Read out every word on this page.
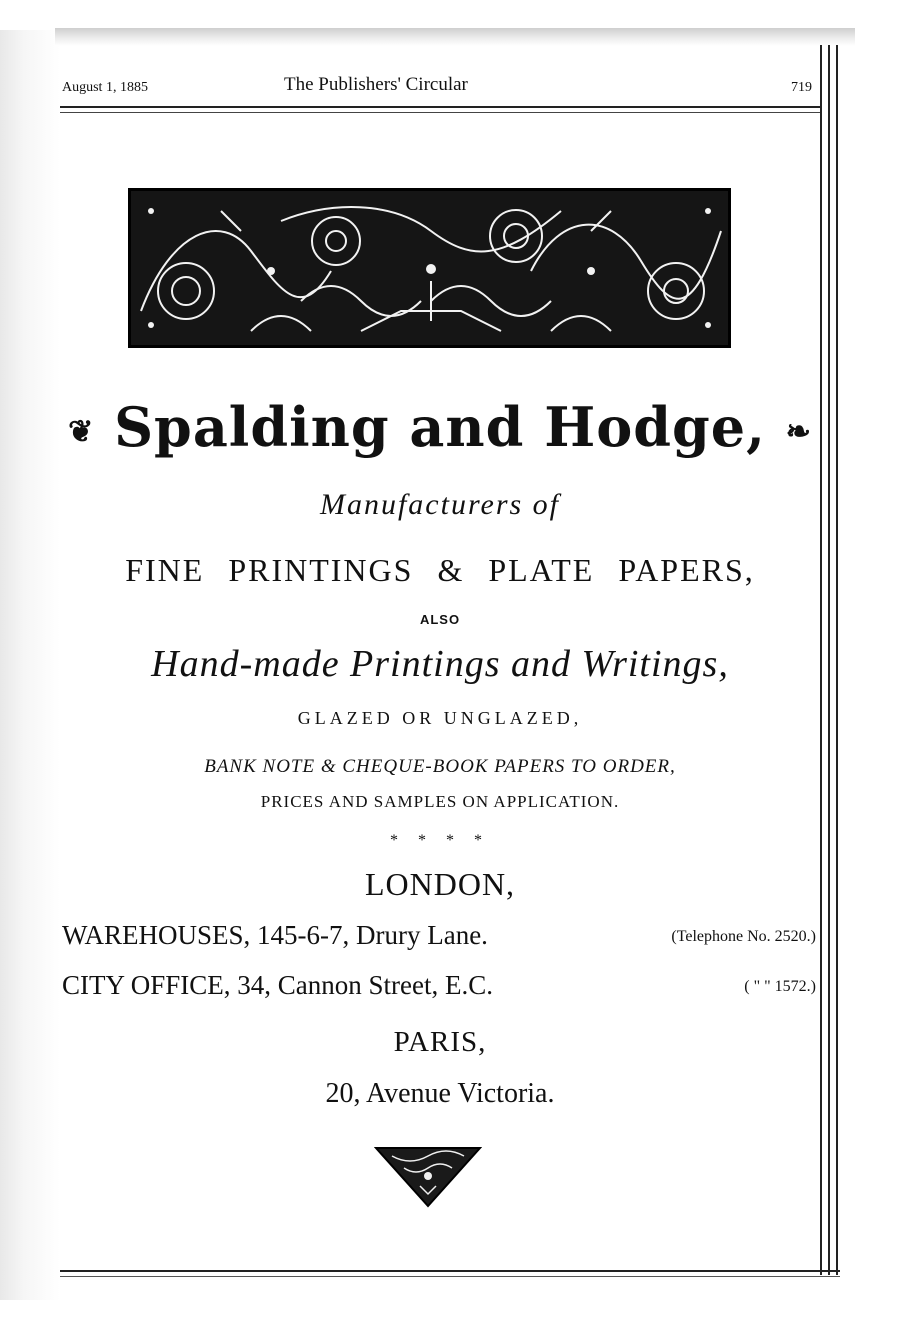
August 1, 1885	The Publishers' Circular	719
❦ Spalding and Hodge, ❧
Manufacturers of
FINE PRINTINGS & PLATE PAPERS,
ALSO
Hand-made Printings and Writings,
GLAZED OR UNGLAZED,
BANK NOTE & CHEQUE-BOOK PAPERS TO ORDER,
PRICES AND SAMPLES ON APPLICATION.
* * * *
LONDON,
WAREHOUSES, 145-6-7, Drury Lane.	(Telephone No. 2520.)
CITY OFFICE, 34, Cannon Street, E.C.	( " " 1572.)
PARIS,
20, Avenue Victoria.
